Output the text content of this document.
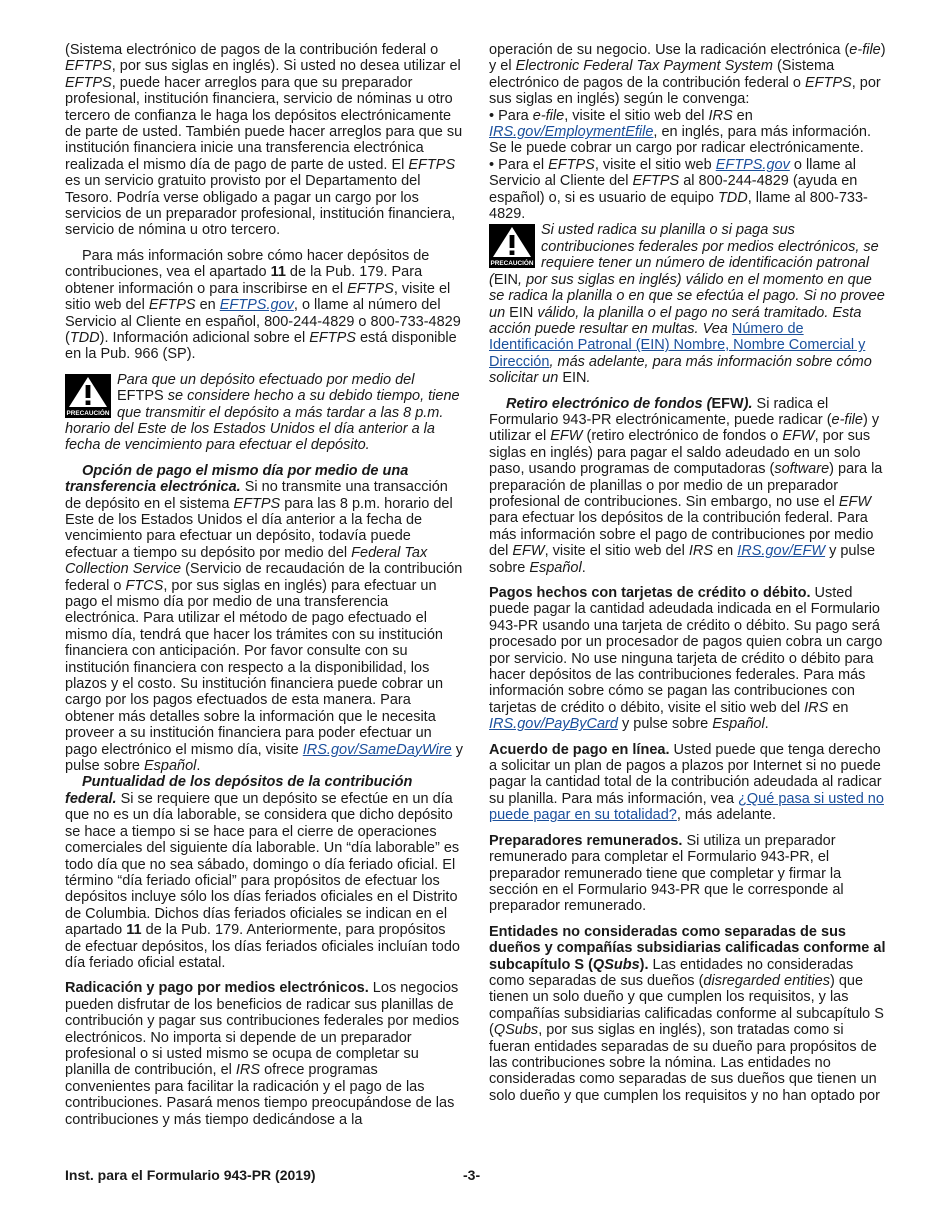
(Sistema electrónico de pagos de la contribución federal o EFTPS, por sus siglas en inglés). Si usted no desea utilizar el EFTPS, puede hacer arreglos para que su preparador profesional, institución financiera, servicio de nóminas u otro tercero de confianza le haga los depósitos electrónicamente de parte de usted. También puede hacer arreglos para que su institución financiera inicie una transferencia electrónica realizada el mismo día de pago de parte de usted. El EFTPS es un servicio gratuito provisto por el Departamento del Tesoro. Podría verse obligado a pagar un cargo por los servicios de un preparador profesional, institución financiera, servicio de nómina u otro tercero.

Para más información sobre cómo hacer depósitos de contribuciones, vea el apartado 11 de la Pub. 179. Para obtener información o para inscribirse en el EFTPS, visite el sitio web del EFTPS en EFTPS.gov, o llame al número del Servicio al Cliente en español, 800-244-4829 o 800-733-4829 (TDD). Información adicional sobre el EFTPS está disponible en la Pub. 966 (SP).

PRECAUCIÓN
Para que un depósito efectuado por medio del EFTPS se considere hecho a su debido tiempo, tiene que transmitir el depósito a más tardar a las 8 p.m. horario del Este de los Estados Unidos el día anterior a la fecha de vencimiento para efectuar el depósito.

Opción de pago el mismo día por medio de una transferencia electrónica. Si no transmite una transacción de depósito en el sistema EFTPS para las 8 p.m. horario del Este de los Estados Unidos el día anterior a la fecha de vencimiento para efectuar un depósito, todavía puede efectuar a tiempo su depósito por medio del Federal Tax Collection Service (Servicio de recaudación de la contribución federal o FTCS, por sus siglas en inglés) para efectuar un pago el mismo día por medio de una transferencia electrónica. Para utilizar el método de pago efectuado el mismo día, tendrá que hacer los trámites con su institución financiera con anticipación. Por favor consulte con su institución financiera con respecto a la disponibilidad, los plazos y el costo. Su institución financiera puede cobrar un cargo por los pagos efectuados de esta manera. Para obtener más detalles sobre la información que le necesita proveer a su institución financiera para poder efectuar un pago electrónico el mismo día, visite IRS.gov/SameDayWire y pulse sobre Español.

Puntualidad de los depósitos de la contribución federal. Si se requiere que un depósito se efectúe en un día que no es un día laborable, se considera que dicho depósito se hace a tiempo si se hace para el cierre de operaciones comerciales del siguiente día laborable. Un “día laborable” es todo día que no sea sábado, domingo o día feriado oficial. El término “día feriado oficial” para propósitos de efectuar los depósitos incluye sólo los días feriados oficiales en el Distrito de Columbia. Dichos días feriados oficiales se indican en el apartado 11 de la Pub. 179. Anteriormente, para propósitos de efectuar depósitos, los días feriados oficiales incluían todo día feriado oficial estatal.

Radicación y pago por medios electrónicos. Los negocios pueden disfrutar de los beneficios de radicar sus planillas de contribución y pagar sus contribuciones federales por medios electrónicos. No importa si depende de un preparador profesional o si usted mismo se ocupa de completar su planilla de contribución, el IRS ofrece programas convenientes para facilitar la radicación y el pago de las contribuciones. Pasará menos tiempo preocupándose de las contribuciones y más tiempo dedicándose a la

operación de su negocio. Use la radicación electrónica (e-file) y el Electronic Federal Tax Payment System (Sistema electrónico de pagos de la contribución federal o EFTPS, por sus siglas en inglés) según le convenga:

• Para e-file, visite el sitio web del IRS en IRS.gov/EmploymentEfile, en inglés, para más información. Se le puede cobrar un cargo por radicar electrónicamente.

• Para el EFTPS, visite el sitio web EFTPS.gov o llame al Servicio al Cliente del EFTPS al 800-244-4829 (ayuda en español) o, si es usuario de equipo TDD, llame al 800-733-4829.

PRECAUCIÓN
Si usted radica su planilla o si paga sus contribuciones federales por medios electrónicos, se requiere tener un número de identificación patronal (EIN, por sus siglas en inglés) válido en el momento en que se radica la planilla o en que se efectúa el pago. Si no provee un EIN válido, la planilla o el pago no será tramitado. Esta acción puede resultar en multas. Vea Número de Identificación Patronal (EIN) Nombre, Nombre Comercial y Dirección, más adelante, para más información sobre cómo solicitar un EIN.

Retiro electrónico de fondos (EFW). Si radica el Formulario 943-PR electrónicamente, puede radicar (e-file) y utilizar el EFW (retiro electrónico de fondos o EFW, por sus siglas en inglés) para pagar el saldo adeudado en un solo paso, usando programas de computadoras (software) para la preparación de planillas o por medio de un preparador profesional de contribuciones. Sin embargo, no use el EFW para efectuar los depósitos de la contribución federal. Para más información sobre el pago de contribuciones por medio del EFW, visite el sitio web del IRS en IRS.gov/EFW y pulse sobre Español.

Pagos hechos con tarjetas de crédito o débito. Usted puede pagar la cantidad adeudada indicada en el Formulario 943-PR usando una tarjeta de crédito o débito. Su pago será procesado por un procesador de pagos quien cobra un cargo por servicio. No use ninguna tarjeta de crédito o débito para hacer depósitos de las contribuciones federales. Para más información sobre cómo se pagan las contribuciones con tarjetas de crédito o débito, visite el sitio web del IRS en IRS.gov/PayByCard y pulse sobre Español.

Acuerdo de pago en línea. Usted puede que tenga derecho a solicitar un plan de pagos a plazos por Internet si no puede pagar la cantidad total de la contribución adeudada al radicar su planilla. Para más información, vea ¿Qué pasa si usted no puede pagar en su totalidad?, más adelante.

Preparadores remunerados. Si utiliza un preparador remunerado para completar el Formulario 943-PR, el preparador remunerado tiene que completar y firmar la sección en el Formulario 943-PR que le corresponde al preparador remunerado.

Entidades no consideradas como separadas de sus dueños y compañías subsidiarias calificadas conforme al subcapítulo S (QSubs). Las entidades no consideradas como separadas de sus dueños (disregarded entities) que tienen un solo dueño y que cumplen los requisitos, y las compañías subsidiarias calificadas conforme al subcapítulo S (QSubs, por sus siglas en inglés), son tratadas como si fueran entidades separadas de su dueño para propósitos de las contribuciones sobre la nómina. Las entidades no consideradas como separadas de sus dueños que tienen un solo dueño y que cumplen los requisitos y no han optado por

Inst. para el Formulario 943-PR (2019)	-3-
